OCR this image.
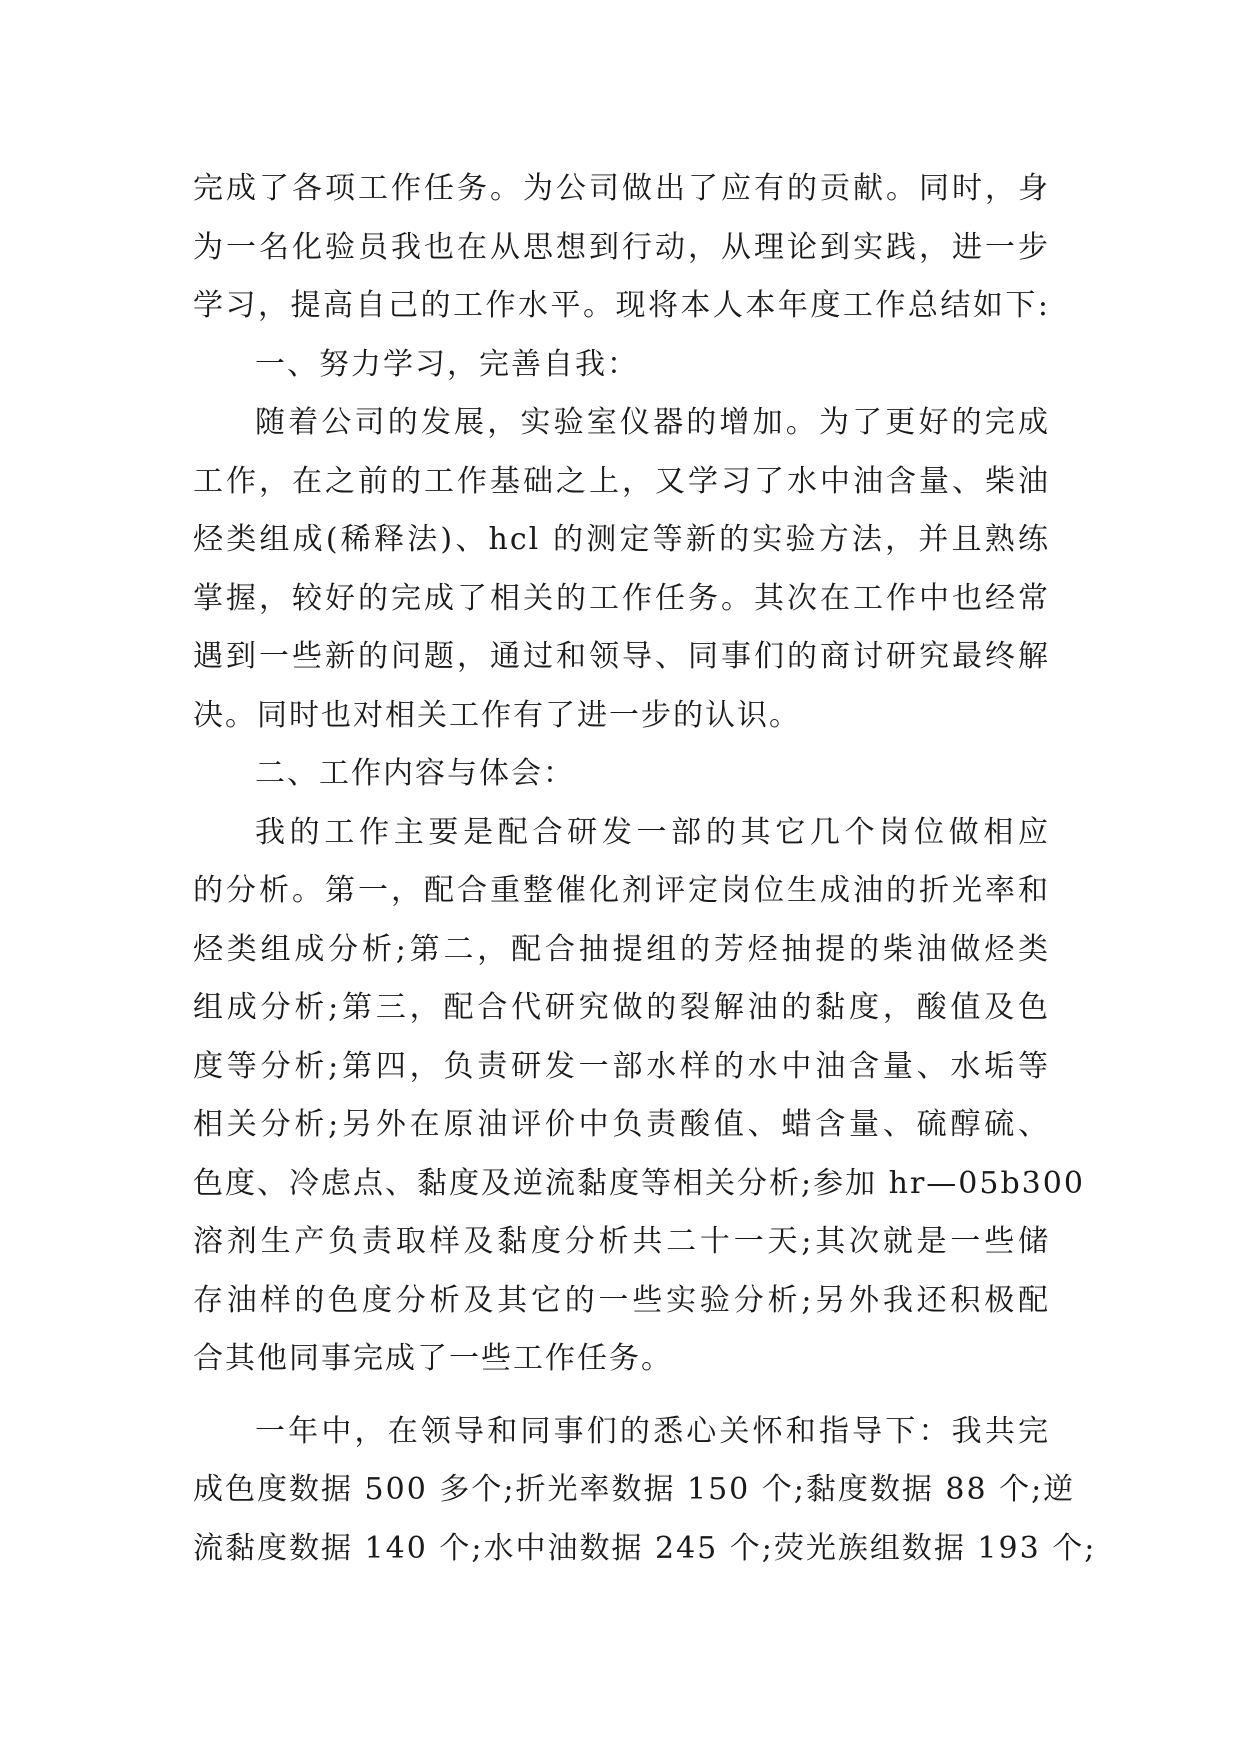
完成了各项工作任务。为公司做出了应有的贡献。同时，身
为一名化验员我也在从思想到行动，从理论到实践，进一步
学习，提高自己的工作水平。现将本人本年度工作总结如下:
一、努力学习，完善自我：
随着公司的发展，实验室仪器的增加。为了更好的完成
工作，在之前的工作基础之上，又学习了水中油含量、柴油
烃类组成(稀释法)、hcl 的测定等新的实验方法，并且熟练
掌握，较好的完成了相关的工作任务。其次在工作中也经常
遇到一些新的问题，通过和领导、同事们的商讨研究最终解
决。同时也对相关工作有了进一步的认识。
二、工作内容与体会：
我的工作主要是配合研发一部的其它几个岗位做相应
的分析。第一，配合重整催化剂评定岗位生成油的折光率和
烃类组成分析;第二，配合抽提组的芳烃抽提的柴油做烃类
组成分析;第三，配合代研究做的裂解油的黏度，酸值及色
度等分析;第四，负责研发一部水样的水中油含量、水垢等
相关分析;另外在原油评价中负责酸值、蜡含量、硫醇硫、
色度、冷虑点、黏度及逆流黏度等相关分析;参加 hr—05b300
溶剂生产负责取样及黏度分析共二十一天;其次就是一些储
存油样的色度分析及其它的一些实验分析;另外我还积极配
合其他同事完成了一些工作任务。
一年中，在领导和同事们的悉心关怀和指导下：我共完
成色度数据 500 多个;折光率数据 150 个;黏度数据 88 个;逆
流黏度数据 140 个;水中油数据 245 个;荧光族组数据 193 个;
